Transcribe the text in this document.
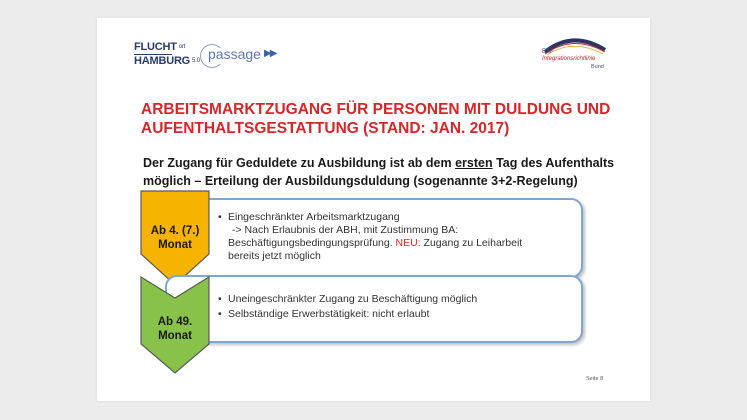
FLUCHT ort
HAMBURG 5.0 passage ▶▶	ESF
Integrationsrichtlinie
Bund
ARBEITSMARKTZUGANG FÜR PERSONEN MIT DULDUNG UND AUFENTHALTSGESTATTUNG (STAND: JAN. 2017)
Der Zugang für Geduldete zu Ausbildung ist ab dem ersten Tag des Aufenthalts möglich – Erteilung der Ausbildungsduldung (sogenannte 3+2-Regelung)
Ab 4. (7.)
Monat
• Eingeschränkter Arbeitsmarktzugang
-> Nach Erlaubnis der ABH, mit Zustimmung BA:
Beschäftigungsbedingungsprüfung. NEU: Zugang zu Leiharbeit
bereits jetzt möglich
Ab 49.
Monat
• Uneingeschränkter Zugang zu Beschäftigung möglich
• Selbständige Erwerbstätigkeit: nicht erlaubt
Seite 8
